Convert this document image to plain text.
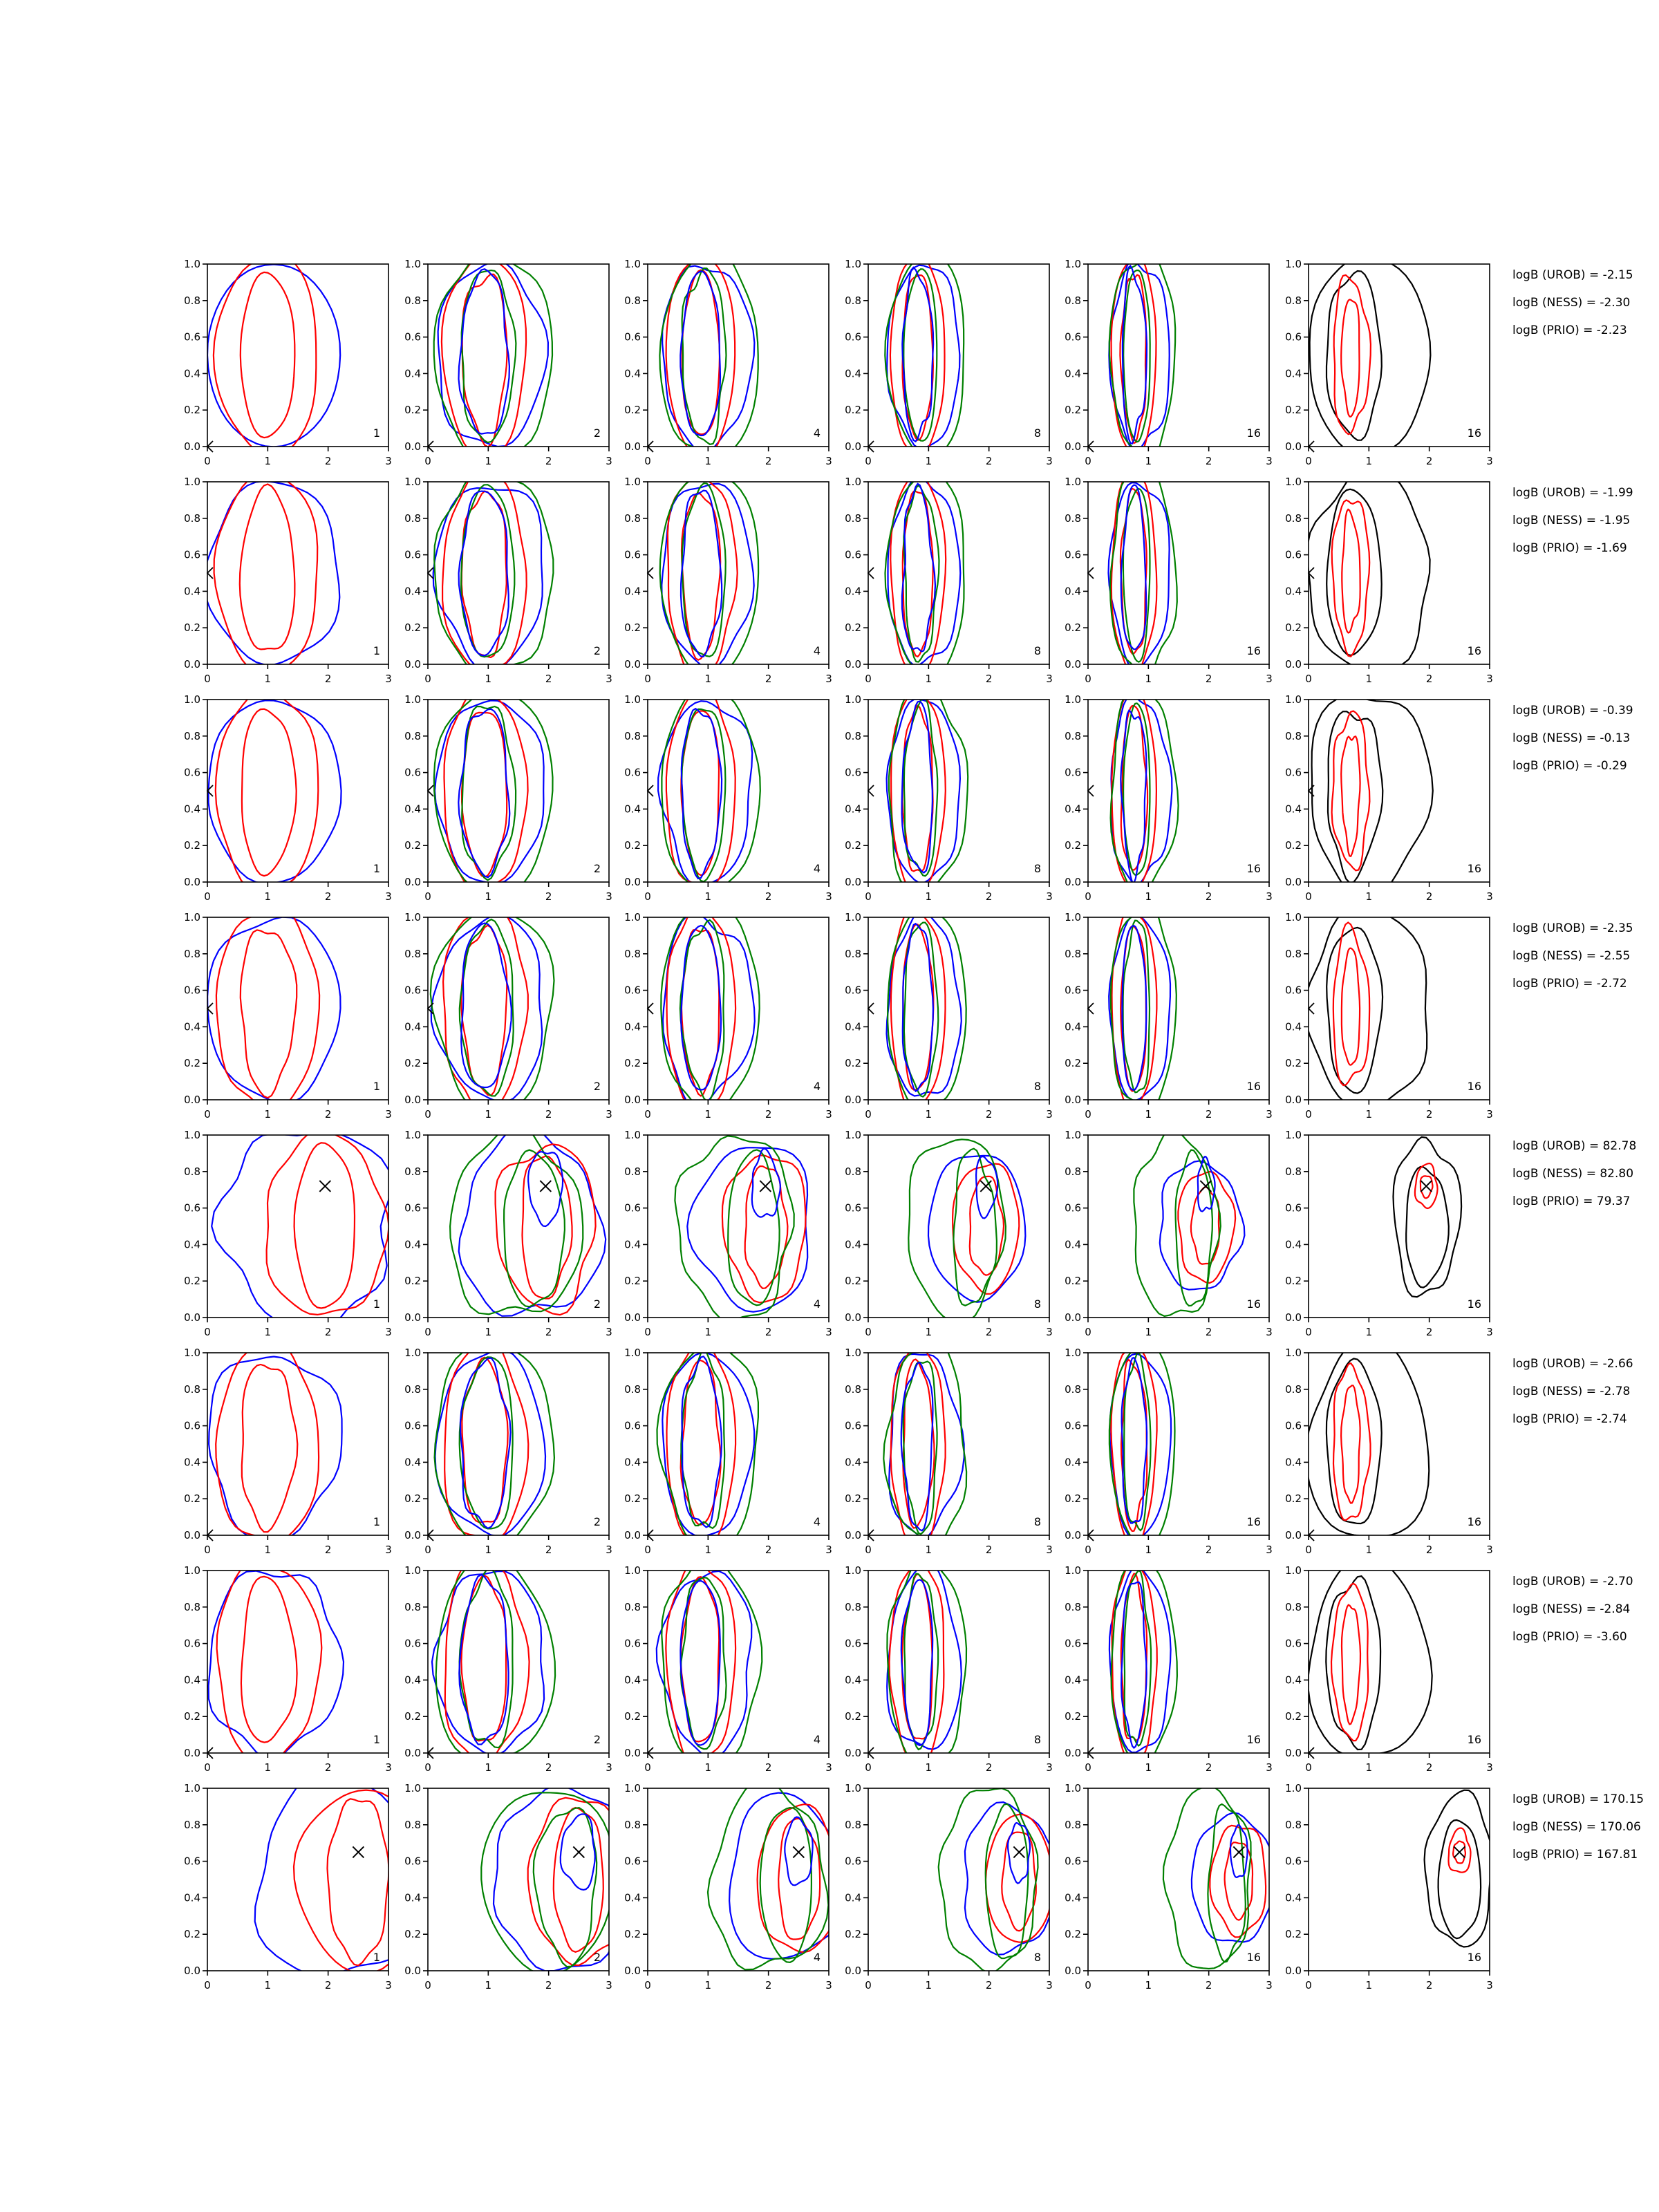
0	1	2	3
0.0
0.2
0.4
0.6
0.8
1.0
1
0	1	2	3
0.0
0.2
0.4
0.6
0.8
1.0
2
0	1	2	3
0.0
0.2
0.4
0.6
0.8
1.0
4
0	1	2	3
0.0
0.2
0.4
0.6
0.8
1.0
8
0	1	2	3
0.0
0.2
0.4
0.6
0.8
1.0
16
0	1	2	3
0.0
0.2
0.4
0.6
0.8
1.0
16
0	1	2	3
0.0
0.2
0.4
0.6
0.8
1.0
1
0	1	2	3
0.0
0.2
0.4
0.6
0.8
1.0
2
0	1	2	3
0.0
0.2
0.4
0.6
0.8
1.0
4
0	1	2	3
0.0
0.2
0.4
0.6
0.8
1.0
8
0	1	2	3
0.0
0.2
0.4
0.6
0.8
1.0
16
0	1	2	3
0.0
0.2
0.4
0.6
0.8
1.0
16
0	1	2	3
0.0
0.2
0.4
0.6
0.8
1.0
1
0	1	2	3
0.0
0.2
0.4
0.6
0.8
1.0
2
0	1	2	3
0.0
0.2
0.4
0.6
0.8
1.0
4
0	1	2	3
0.0
0.2
0.4
0.6
0.8
1.0
8
0	1	2	3
0.0
0.2
0.4
0.6
0.8
1.0
16
0	1	2	3
0.0
0.2
0.4
0.6
0.8
1.0
16
0	1	2	3
0.0
0.2
0.4
0.6
0.8
1.0
1
0	1	2	3
0.0
0.2
0.4
0.6
0.8
1.0
2
0	1	2	3
0.0
0.2
0.4
0.6
0.8
1.0
4
0	1	2	3
0.0
0.2
0.4
0.6
0.8
1.0
8
0	1	2	3
0.0
0.2
0.4
0.6
0.8
1.0
16
0	1	2	3
0.0
0.2
0.4
0.6
0.8
1.0
16
0	1	2	3
0.0
0.2
0.4
0.6
0.8
1.0
1
0	1	2	3
0.0
0.2
0.4
0.6
0.8
1.0
2
0	1	2	3
0.0
0.2
0.4
0.6
0.8
1.0
4
0	1	2	3
0.0
0.2
0.4
0.6
0.8
1.0
8
0	1	2	3
0.0
0.2
0.4
0.6
0.8
1.0
16
0	1	2	3
0.0
0.2
0.4
0.6
0.8
1.0
16
0	1	2	3
0.0
0.2
0.4
0.6
0.8
1.0
1
0	1	2	3
0.0
0.2
0.4
0.6
0.8
1.0
2
0	1	2	3
0.0
0.2
0.4
0.6
0.8
1.0
4
0	1	2	3
0.0
0.2
0.4
0.6
0.8
1.0
8
0	1	2	3
0.0
0.2
0.4
0.6
0.8
1.0
16
0	1	2	3
0.0
0.2
0.4
0.6
0.8
1.0
16
0	1	2	3
0.0
0.2
0.4
0.6
0.8
1.0
1
0	1	2	3
0.0
0.2
0.4
0.6
0.8
1.0
2
0	1	2	3
0.0
0.2
0.4
0.6
0.8
1.0
4
0	1	2	3
0.0
0.2
0.4
0.6
0.8
1.0
8
0	1	2	3
0.0
0.2
0.4
0.6
0.8
1.0
16
0	1	2	3
0.0
0.2
0.4
0.6
0.8
1.0
16
0	1	2	3
0.0
0.2
0.4
0.6
0.8
1.0
1
0	1	2	3
0.0
0.2
0.4
0.6
0.8
1.0
2
0	1	2	3
0.0
0.2
0.4
0.6
0.8
1.0
4
0	1	2	3
0.0
0.2
0.4
0.6
0.8
1.0
8
0	1	2	3
0.0
0.2
0.4
0.6
0.8
1.0
16
0	1	2	3
0.0
0.2
0.4
0.6
0.8
1.0
16
logB (UROB) = -2.15
logB (NESS) = -2.30
logB (PRIO) = -2.23
logB (UROB) = -1.99
logB (NESS) = -1.95
logB (PRIO) = -1.69
logB (UROB) = -0.39
logB (NESS) = -0.13
logB (PRIO) = -0.29
logB (UROB) = -2.35
logB (NESS) = -2.55
logB (PRIO) = -2.72
logB (UROB) = 82.78
logB (NESS) = 82.80
logB (PRIO) = 79.37
logB (UROB) = -2.66
logB (NESS) = -2.78
logB (PRIO) = -2.74
logB (UROB) = -2.70
logB (NESS) = -2.84
logB (PRIO) = -3.60
logB (UROB) = 170.15
logB (NESS) = 170.06
logB (PRIO) = 167.81
